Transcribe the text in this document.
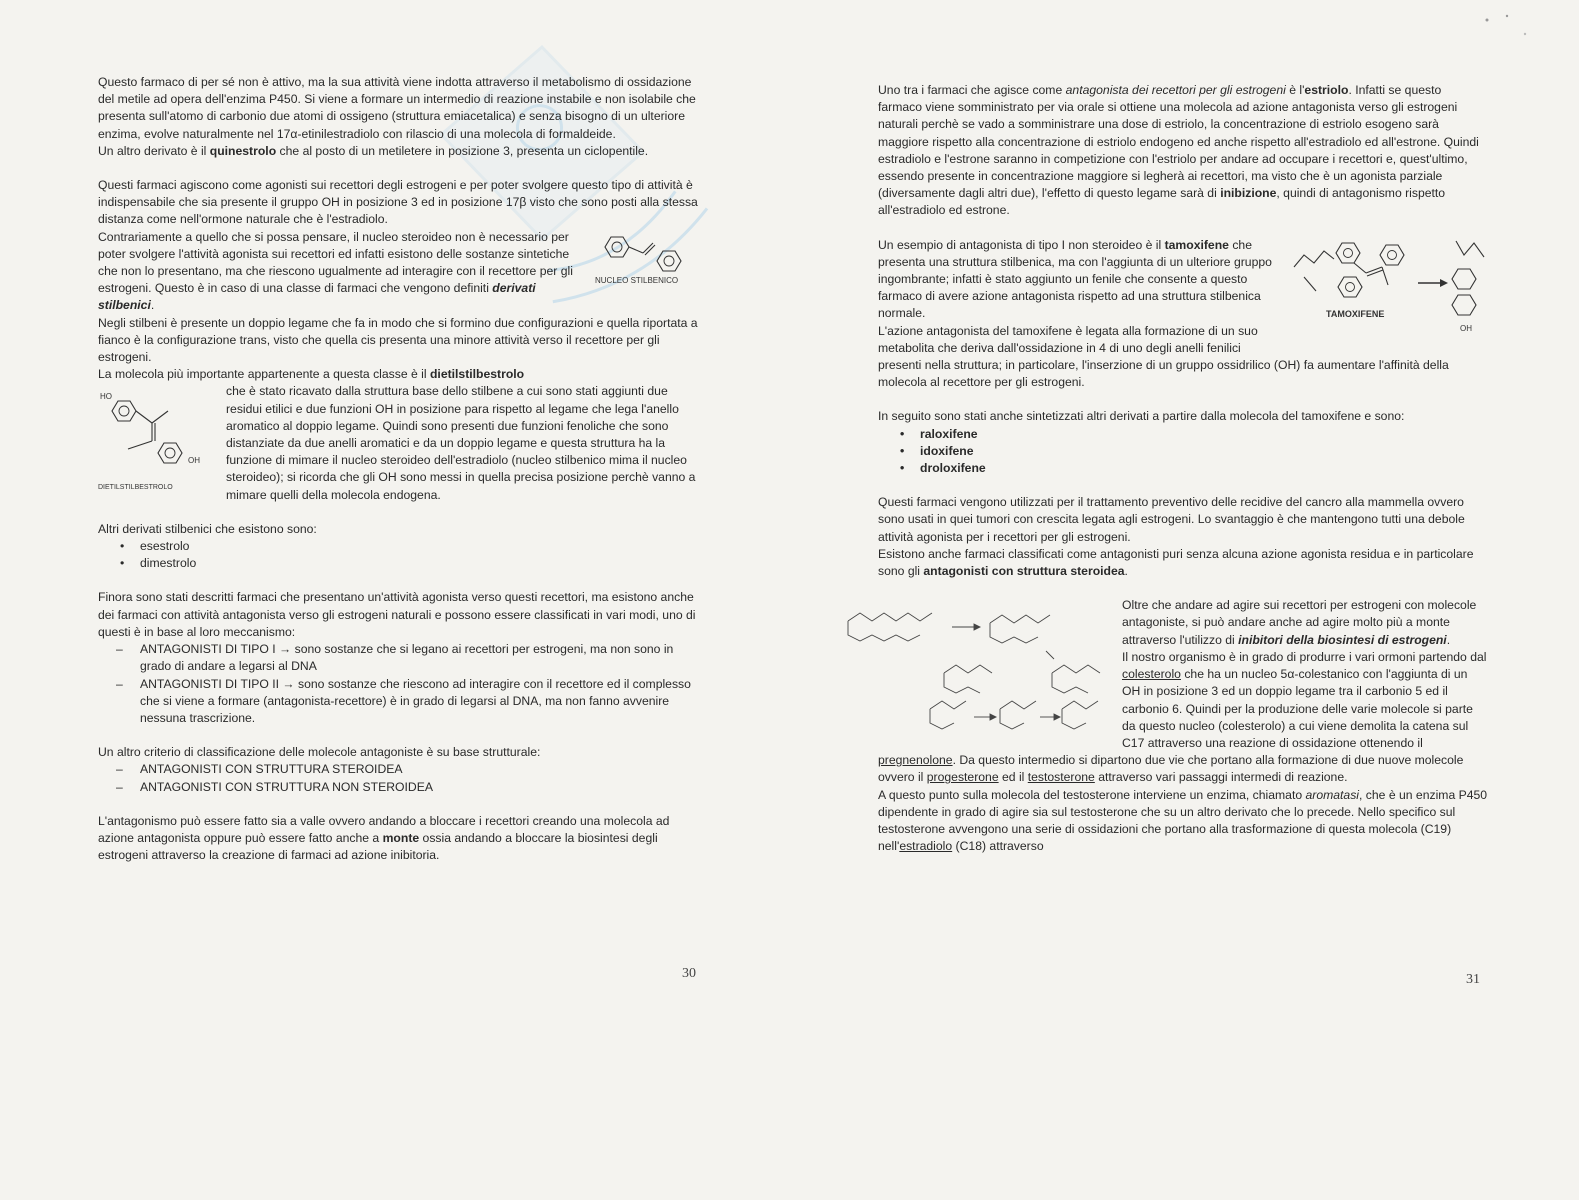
Questo farmaco di per sé non è attivo, ma la sua attività viene indotta attraverso il metabolismo di ossidazione del metile ad opera dell'enzima P450. Si viene a formare un intermedio di reazione instabile e non isolabile che presenta sull'atomo di carbonio due atomi di ossigeno (struttura emiacetalica) e senza bisogno di un ulteriore enzima, evolve naturalmente nel 17α-etinilestradiolo con rilascio di una molecola di formaldeide.
Un altro derivato è il quinestrolo che al posto di un metiletere in posizione 3, presenta un ciclopentile.

Questi farmaci agiscono come agonisti sui recettori degli estrogeni e per poter svolgere questo tipo di attività è indispensabile che sia presente il gruppo OH in posizione 3 ed in posizione 17β visto che sono posti alla stessa distanza come nell'ormone naturale che è l'estradiolo.

NUCLEO STILBENICO
Contrariamente a quello che si possa pensare, il nucleo steroideo non è necessario per poter svolgere l'attività agonista sui recettori ed infatti esistono delle sostanze sintetiche che non lo presentano, ma che riescono ugualmente ad interagire con il recettore per gli estrogeni. Questo è in caso di una classe di farmaci che vengono definiti derivati stilbenici.
Negli stilbeni è presente un doppio legame che fa in modo che si formino due configurazioni e quella riportata a fianco è la configurazione trans, visto che quella cis presenta una minore attività verso il recettore per gli estrogeni.
La molecola più importante appartenente a questa classe è il dietilstilbestrolo

HO
OH
DIETILSTILBESTROLO
che è stato ricavato dalla struttura base dello stilbene a cui sono stati aggiunti due residui etilici e due funzioni OH in posizione para rispetto al legame che lega l'anello aromatico al doppio legame. Quindi sono presenti due funzioni fenoliche che sono distanziate da due anelli aromatici e da un doppio legame e questa struttura ha la funzione di mimare il nucleo steroideo dell'estradiolo (nucleo stilbenico mima il nucleo steroideo); si ricorda che gli OH sono messi in quella precisa posizione perchè vanno a mimare quelli della molecola endogena.

Altri derivati stilbenici che esistono sono:

• esestrolo
• dimestrolo

Finora sono stati descritti farmaci che presentano un'attività agonista verso questi recettori, ma esistono anche dei farmaci con attività antagonista verso gli estrogeni naturali e possono essere classificati in vari modi, uno di questi è in base al loro meccanismo:

– ANTAGONISTI DI TIPO I → sono sostanze che si legano ai recettori per estrogeni, ma non sono in grado di andare a legarsi al DNA
– ANTAGONISTI DI TIPO II → sono sostanze che riescono ad interagire con il recettore ed il complesso che si viene a formare (antagonista-recettore) è in grado di legarsi al DNA, ma non fanno avvenire nessuna trascrizione.

Un altro criterio di classificazione delle molecole antagoniste è su base strutturale:

– ANTAGONISTI CON STRUTTURA STEROIDEA
– ANTAGONISTI CON STRUTTURA NON STEROIDEA

L'antagonismo può essere fatto sia a valle ovvero andando a bloccare i recettori creando una molecola ad azione antagonista oppure può essere fatto anche a monte ossia andando a bloccare la biosintesi degli estrogeni attraverso la creazione di farmaci ad azione inibitoria.

30

Uno tra i farmaci che agisce come antagonista dei recettori per gli estrogeni è l'estriolo. Infatti se questo farmaco viene somministrato per via orale si ottiene una molecola ad azione antagonista verso gli estrogeni naturali perchè se vado a somministrare una dose di estriolo, la concentrazione di estriolo esogeno sarà maggiore rispetto alla concentrazione di estriolo endogeno ed anche rispetto all'estradiolo ed all'estrone. Quindi estradiolo e l'estrone saranno in competizione con l'estriolo per andare ad occupare i recettori e, quest'ultimo, essendo presente in concentrazione maggiore si legherà ai recettori, ma visto che è un agonista parziale (diversamente dagli altri due), l'effetto di questo legame sarà di inibizione, quindi di antagonismo rispetto all'estradiolo ed estrone.

TAMOXIFENE
OH
Un esempio di antagonista di tipo I non steroideo è il tamoxifene che presenta una struttura stilbenica, ma con l'aggiunta di un ulteriore gruppo ingombrante; infatti è stato aggiunto un fenile che consente a questo farmaco di avere azione antagonista rispetto ad una struttura stilbenica normale.
L'azione antagonista del tamoxifene è legata alla formazione di un suo metabolita che deriva dall'ossidazione in 4 di uno degli anelli fenilici presenti nella struttura; in particolare, l'inserzione di un gruppo ossidrilico (OH) fa aumentare l'affinità della molecola al recettore per gli estrogeni.

In seguito sono stati anche sintetizzati altri derivati a partire dalla molecola del tamoxifene e sono:

• raloxifene
• idoxifene
• droloxifene

Questi farmaci vengono utilizzati per il trattamento preventivo delle recidive del cancro alla mammella ovvero sono usati in quei tumori con crescita legata agli estrogeni. Lo svantaggio è che mantengono tutti una debole attività agonista per i recettori per gli estrogeni.
Esistono anche farmaci classificati come antagonisti puri senza alcuna azione agonista residua e in particolare sono gli antagonisti con struttura steroidea.

Oltre che andare ad agire sui recettori per estrogeni con molecole antagoniste, si può andare anche ad agire molto più a monte attraverso l'utilizzo di inibitori della biosintesi di estrogeni.
Il nostro organismo è in grado di produrre i vari ormoni partendo dal colesterolo che ha un nucleo 5α-colestanico con l'aggiunta di un OH in posizione 3 ed un doppio legame tra il carbonio 5 ed il carbonio 6. Quindi per la produzione delle varie molecole si parte da questo nucleo (colesterolo) a cui viene demolita la catena sul C17 attraverso una reazione di ossidazione ottenendo il pregnenolone. Da questo intermedio si dipartono due vie che portano alla formazione di due nuove molecole ovvero il progesterone ed il testosterone attraverso vari passaggi intermedi di reazione.
A questo punto sulla molecola del testosterone interviene un enzima, chiamato aromatasi, che è un enzima P450 dipendente in grado di agire sia sul testosterone che su un altro derivato che lo precede. Nello specifico sul testosterone avvengono una serie di ossidazioni che portano alla trasformazione di questa molecola (C19) nell'estradiolo (C18) attraverso

31
